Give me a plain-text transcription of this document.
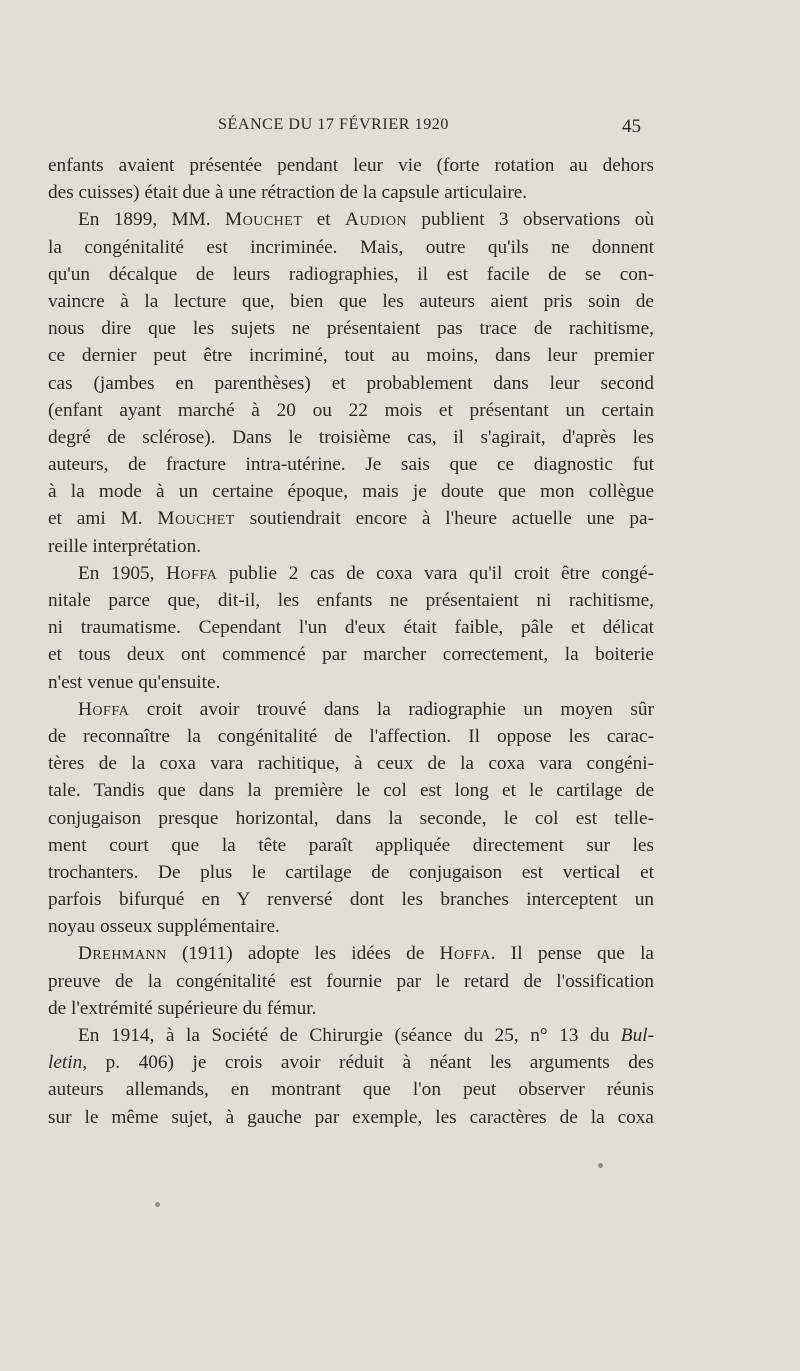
SÉANCE DU 17 FÉVRIER 1920	45
enfants avaient présentée pendant leur vie (forte rotation au dehors
des cuisses) était due à une rétraction de la capsule articulaire.
En 1899, MM. Mouchet et Audion publient 3 observations où
la congénitalité est incriminée. Mais, outre qu'ils ne donnent
qu'un décalque de leurs radiographies, il est facile de se con-
vaincre à la lecture que, bien que les auteurs aient pris soin de
nous dire que les sujets ne présentaient pas trace de rachitisme,
ce dernier peut être incriminé, tout au moins, dans leur premier
cas (jambes en parenthèses) et probablement dans leur second
(enfant ayant marché à 20 ou 22 mois et présentant un certain
degré de sclérose). Dans le troisième cas, il s'agirait, d'après les
auteurs, de fracture intra-utérine. Je sais que ce diagnostic fut
à la mode à un certaine époque, mais je doute que mon collègue
et ami M. Mouchet soutiendrait encore à l'heure actuelle une pa-
reille interprétation.
En 1905, Hoffa publie 2 cas de coxa vara qu'il croit être congé-
nitale parce que, dit-il, les enfants ne présentaient ni rachitisme,
ni traumatisme. Cependant l'un d'eux était faible, pâle et délicat
et tous deux ont commencé par marcher correctement, la boiterie
n'est venue qu'ensuite.
Hoffa croit avoir trouvé dans la radiographie un moyen sûr
de reconnaître la congénitalité de l'affection. Il oppose les carac-
tères de la coxa vara rachitique, à ceux de la coxa vara congéni-
tale. Tandis que dans la première le col est long et le cartilage de
conjugaison presque horizontal, dans la seconde, le col est telle-
ment court que la tête paraît appliquée directement sur les
trochanters. De plus le cartilage de conjugaison est vertical et
parfois bifurqué en Y renversé dont les branches interceptent un
noyau osseux supplémentaire.
Drehmann (1911) adopte les idées de Hoffa. Il pense que la
preuve de la congénitalité est fournie par le retard de l'ossification
de l'extrémité supérieure du fémur.
En 1914, à la Société de Chirurgie (séance du 25, n° 13 du Bul-
letin, p. 406) je crois avoir réduit à néant les arguments des
auteurs allemands, en montrant que l'on peut observer réunis
sur le même sujet, à gauche par exemple, les caractères de la coxa
